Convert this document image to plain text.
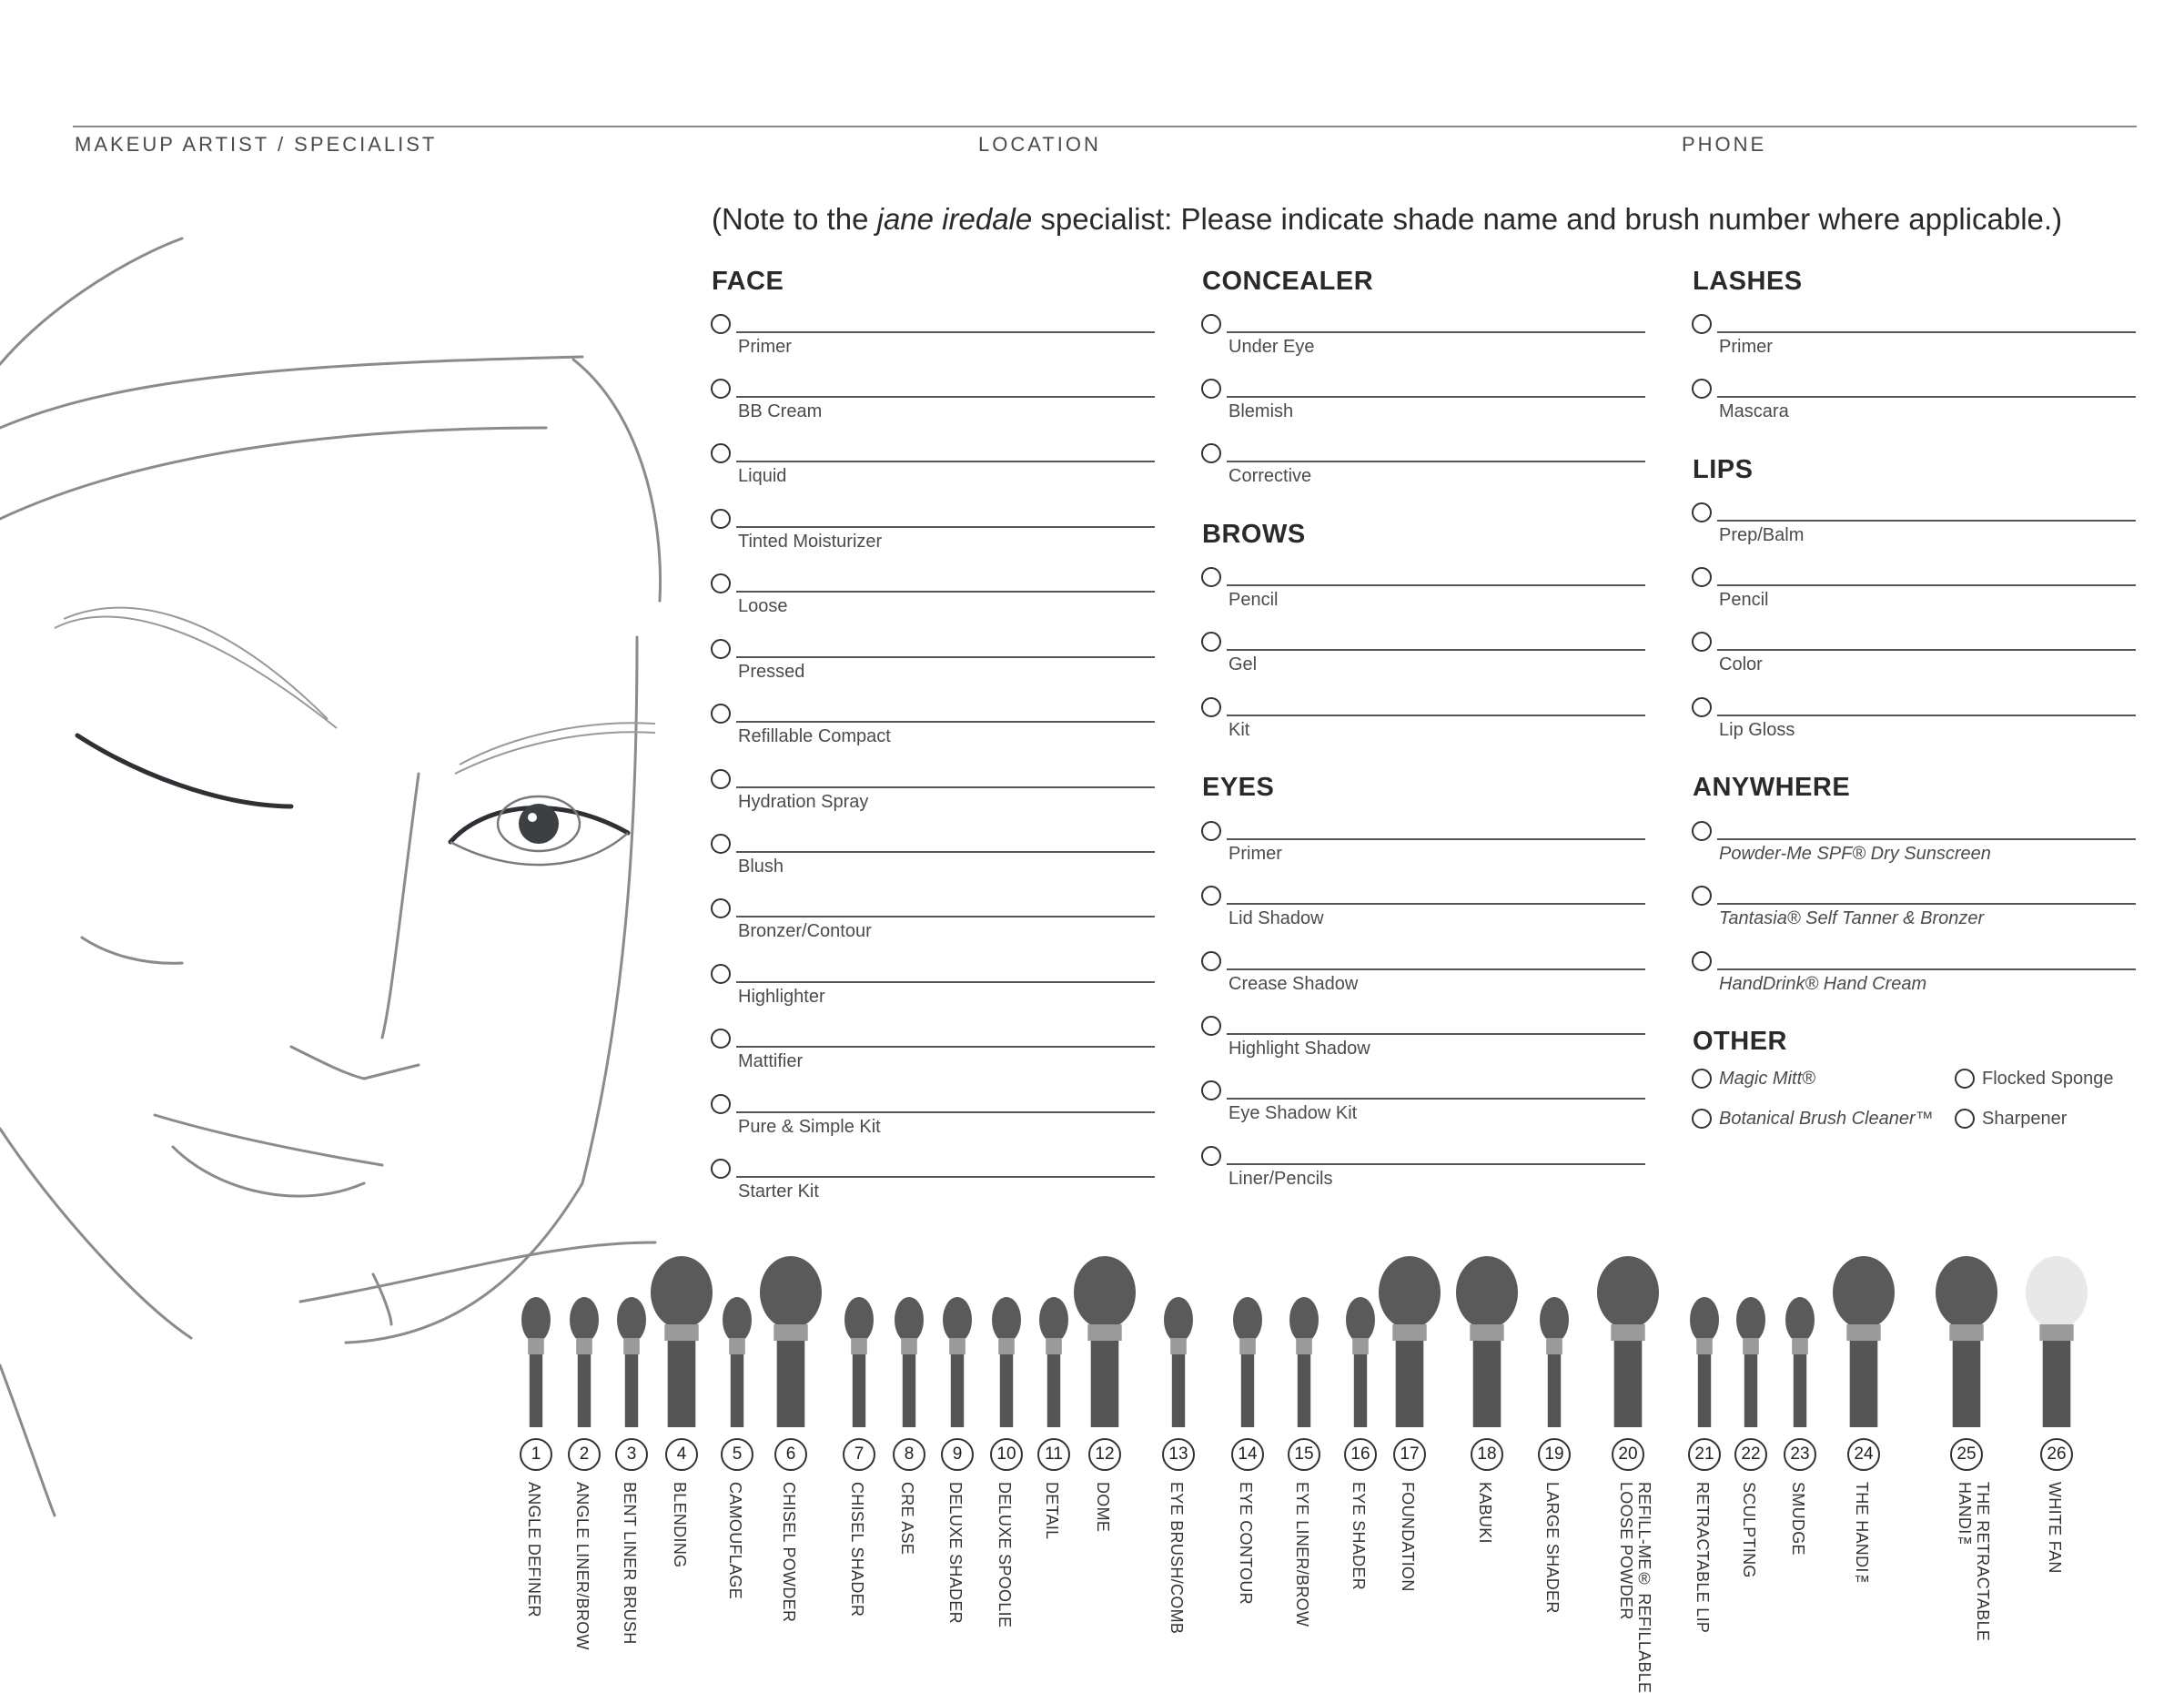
MAKEUP ARTIST / SPECIALIST	LOCATION	PHONE
(Note to the jane iredale specialist: Please indicate shade name and brush number where applicable.)
FACE
Primer
BB Cream
Liquid
Tinted Moisturizer
Loose
Pressed
Refillable Compact
Hydration Spray
Blush
Bronzer/Contour
Highlighter
Mattifier
Pure & Simple Kit
Starter Kit
CONCEALER
Under Eye
Blemish
Corrective
BROWS
Pencil
Gel
Kit
EYES
Primer
Lid Shadow
Crease Shadow
Highlight Shadow
Eye Shadow Kit
Liner/Pencils
LASHES
Primer
Mascara
LIPS
Prep/Balm
Pencil
Color
Lip Gloss
ANYWHERE
Powder-Me SPF® Dry Sunscreen
Tantasia® Self Tanner & Bronzer
HandDrink® Hand Cream
OTHER
Magic Mitt®	Flocked Sponge
Botanical Brush Cleaner™	Sharpener
1
ANGLE DEFINER
2
ANGLE LINER/BROW
3
BENT LINER BRUSH
4
BLENDING
5
CAMOUFLAGE
6
CHISEL POWDER
7
CHISEL SHADER
8
CRE ASE
9
DELUXE SHADER
10
DELUXE SPOOLIE
11
DETAIL
12
DOME
13
EYE BRUSH/COMB
14
EYE CONTOUR
15
EYE LINER/BROW
16
EYE SHADER
17
FOUNDATION
18
KABUKI
19
LARGE SHADER
20
REFILL-ME® REFILLABLE
LOOSE POWDER
21
RETRACTABLE LIP
22
SCULPTING
23
SMUDGE
24
THE HANDI™
25
THE RETRACTABLE
HANDI™
26
WHITE FAN
